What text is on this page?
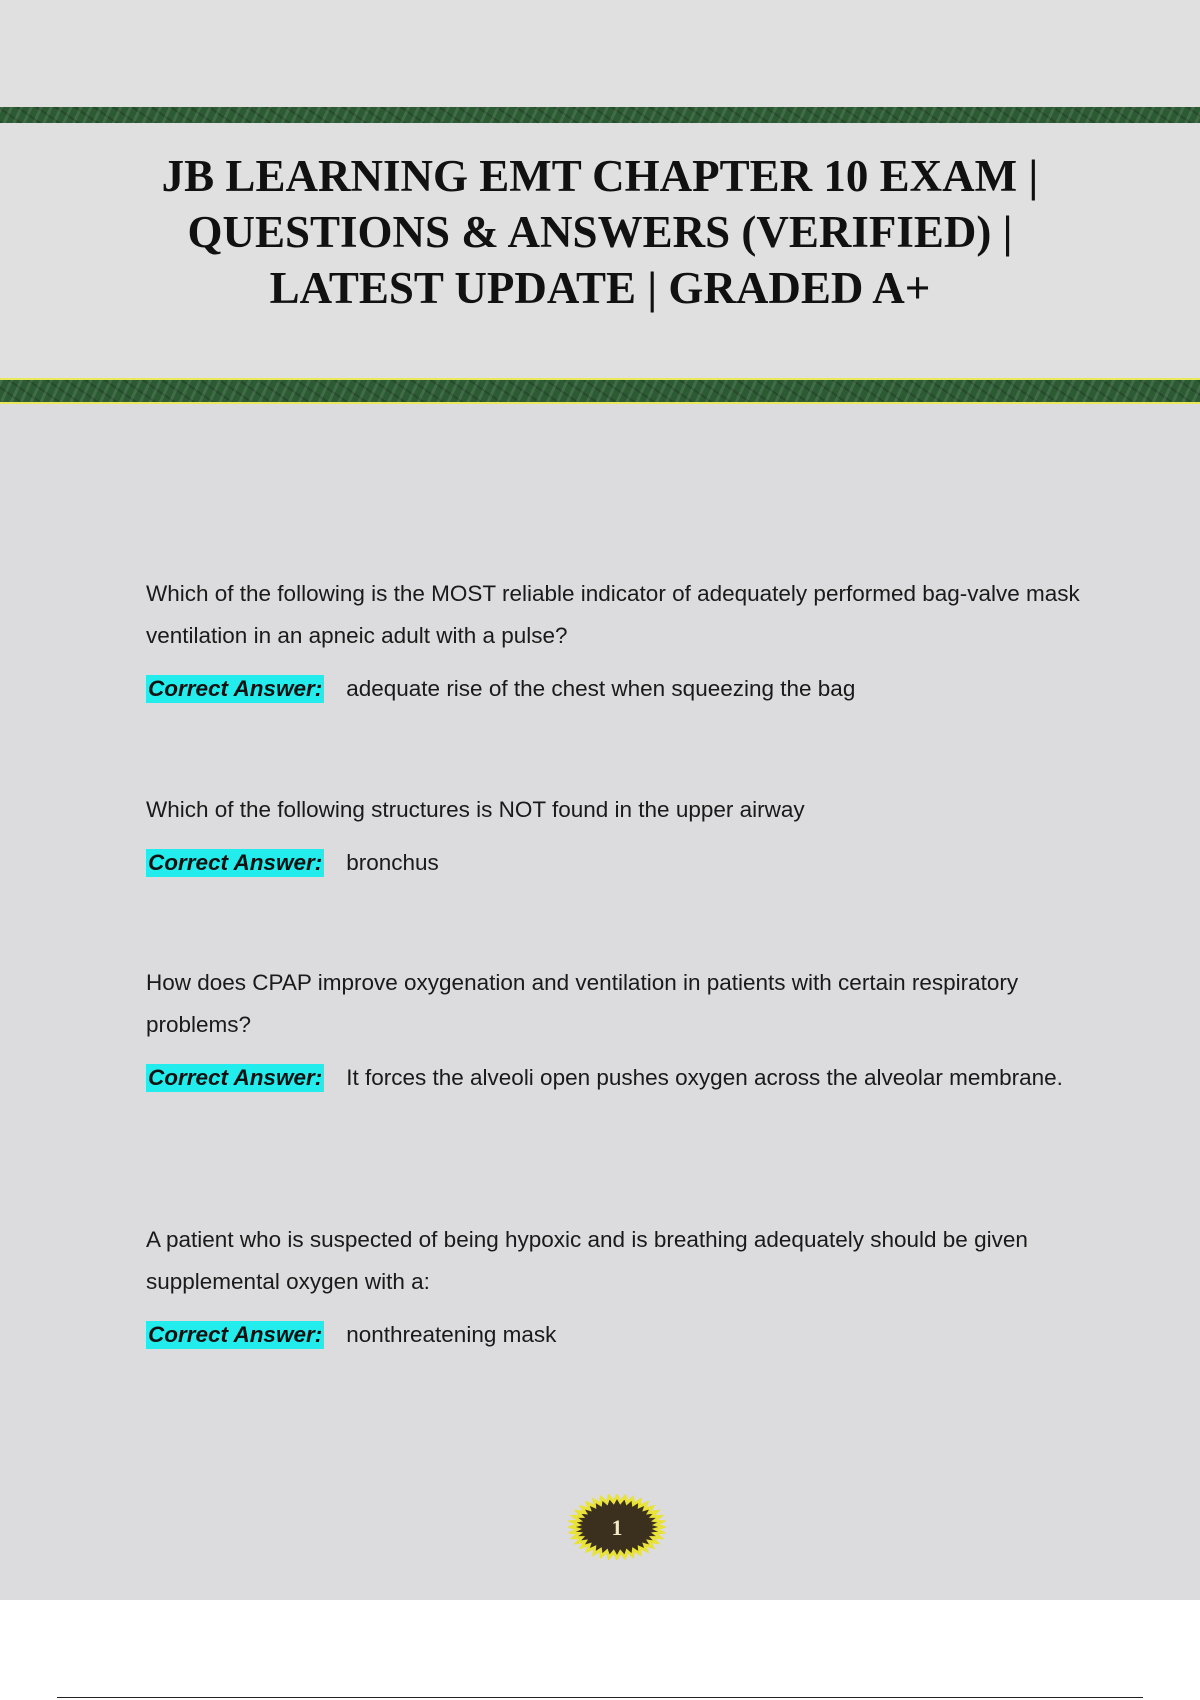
JB LEARNING EMT CHAPTER 10 EXAM | QUESTIONS & ANSWERS (VERIFIED) | LATEST UPDATE | GRADED A+

Which of the following is the MOST reliable indicator of adequately performed bag-valve mask ventilation in an apneic adult with a pulse?

Correct Answer: adequate rise of the chest when squeezing the bag

Which of the following structures is NOT found in the upper airway

Correct Answer: bronchus

How does CPAP improve oxygenation and ventilation in patients with certain respiratory problems?

Correct Answer: It forces the alveoli open pushes oxygen across the alveolar membrane.

A patient who is suspected of being hypoxic and is breathing adequately should be given supplemental oxygen with a:

Correct Answer: nonthreatening mask

1
